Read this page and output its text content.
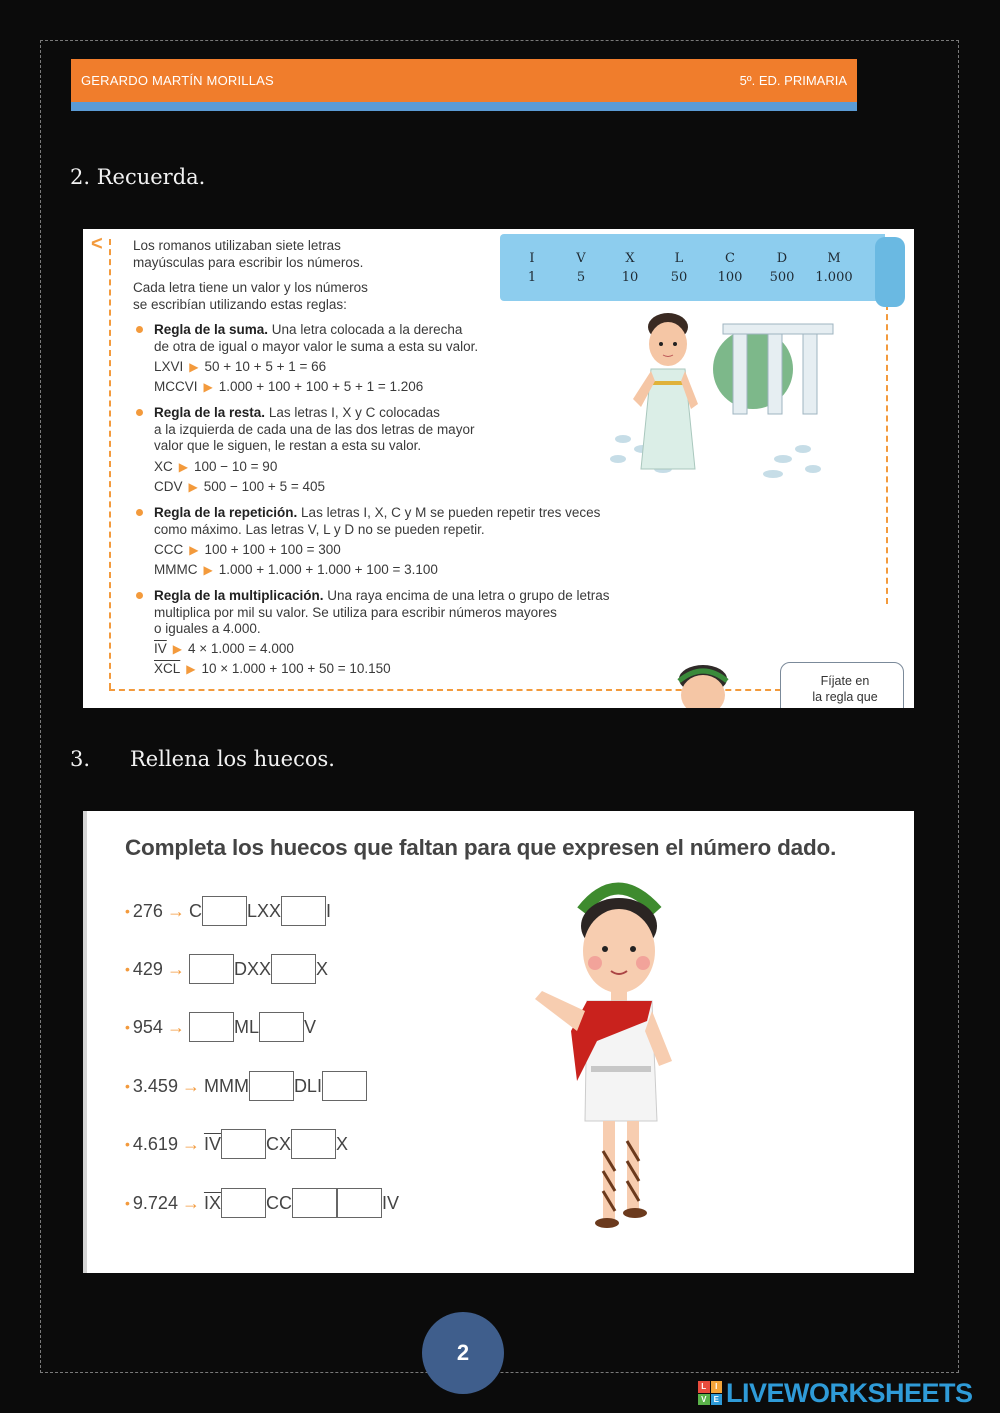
GERARDO MARTÍN MORILLAS	5º. ED. PRIMARIA
2. Recuerda.
< Los romanos utilizaban siete letras
mayúsculas para escribir los números.
Cada letra tiene un valor y los números
se escribían utilizando estas reglas:
I	V	X	L	C	D	M
1	5	10	50	100	500	1.000
Regla de la suma. Una letra colocada a la derecha
de otra de igual o mayor valor le suma a esta su valor.
LXVI ▶ 50 + 10 + 5 + 1 = 66
MCCVI ▶ 1.000 + 100 + 100 + 5 + 1 = 1.206
Regla de la resta. Las letras I, X y C colocadas
a la izquierda de cada una de las dos letras de mayor
valor que le siguen, le restan a esta su valor.
XC ▶ 100 − 10 = 90
CDV ▶ 500 − 100 + 5 = 405
Regla de la repetición. Las letras I, X, C y M se pueden repetir tres veces
como máximo. Las letras V, L y D no se pueden repetir.
CCC ▶ 100 + 100 + 100 = 300
MMMC ▶ 1.000 + 1.000 + 1.000 + 100 = 3.100
Regla de la multiplicación. Una raya encima de una letra o grupo de letras
multiplica por mil su valor. Se utiliza para escribir números mayores
o iguales a 4.000.
$\overline{IV}$ ▶ 4 × 1.000 = 4.000
$\overline{XCL}$ ▶ 10 × 1.000 + 100 + 50 = 10.150
Fíjate en
la regla que
3. Rellena los huecos.
Completa los huecos que faltan para que expresen el número dado.
• 276 → C	LXX	I
• 429 →	DXX	X
• 954 →	ML	V
• 3.459 → MMM	DLI
• $4.619 \to \overline{IV}$	CX	X
• $9.724 \to \overline{IX}$	CC	IV
2
L	I
V E LIVEWORKSHEETS
